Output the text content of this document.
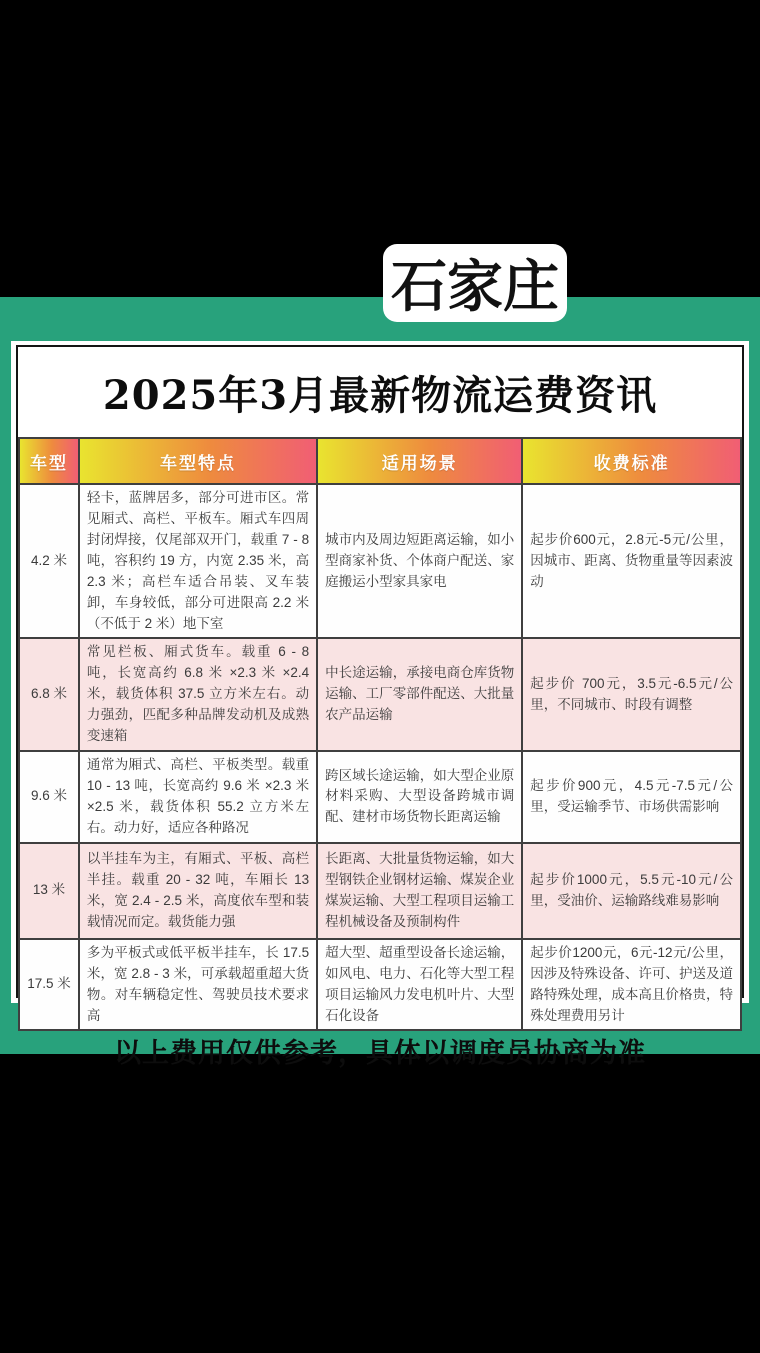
石家庄
2025年3月最新物流运费资讯
车型	车型特点	适用场景	收费标准
4.2 米	轻卡，蓝牌居多，部分可进市区。常见厢式、高栏、平板车。厢式车四周封闭焊接，仅尾部双开门，载重 7 - 8 吨，容积约 19 方，内宽 2.35 米，高 2.3 米；高栏车适合吊装、叉车装卸，车身较低，部分可进限高 2.2 米（不低于 2 米）地下室	城市内及周边短距离运输，如小型商家补货、个体商户配送、家庭搬运小型家具家电	起步价600元，2.8元-5元/公里，因城市、距离、货物重量等因素波动
6.8 米	常见栏板、厢式货车。载重 6 - 8 吨，长宽高约 6.8 米 ×2.3 米 ×2.4 米，载货体积 37.5 立方米左右。动力强劲，匹配多种品牌发动机及成熟变速箱	中长途运输，承接电商仓库货物运输、工厂零部件配送、大批量农产品运输	起步价 700元，3.5元-6.5元/公里，不同城市、时段有调整
9.6 米	通常为厢式、高栏、平板类型。载重 10 - 13 吨，长宽高约 9.6 米 ×2.3 米 ×2.5 米，载货体积 55.2 立方米左右。动力好，适应各种路况	跨区域长途运输，如大型企业原材料采购、大型设备跨城市调配、建材市场货物长距离运输	起步价900元，4.5元-7.5元/公里，受运输季节、市场供需影响
13 米	以半挂车为主，有厢式、平板、高栏半挂。载重 20 - 32 吨，车厢长 13 米，宽 2.4 - 2.5 米，高度依车型和装载情况而定。载货能力强	长距离、大批量货物运输，如大型钢铁企业钢材运输、煤炭企业煤炭运输、大型工程项目运输工程机械设备及预制构件	起步价1000元，5.5元-10元/公里，受油价、运输路线难易影响
17.5 米	多为平板式或低平板半挂车，长 17.5 米，宽 2.8 - 3 米，可承载超重超大货物。对车辆稳定性、驾驶员技术要求高	超大型、超重型设备长途运输，如风电、电力、石化等大型工程项目运输风力发电机叶片、大型石化设备	起步价1200元，6元-12元/公里，因涉及特殊设备、许可、护送及道路特殊处理，成本高且价格贵，特殊处理费用另计
以上费用仅供参考，具体以调度员协商为准
